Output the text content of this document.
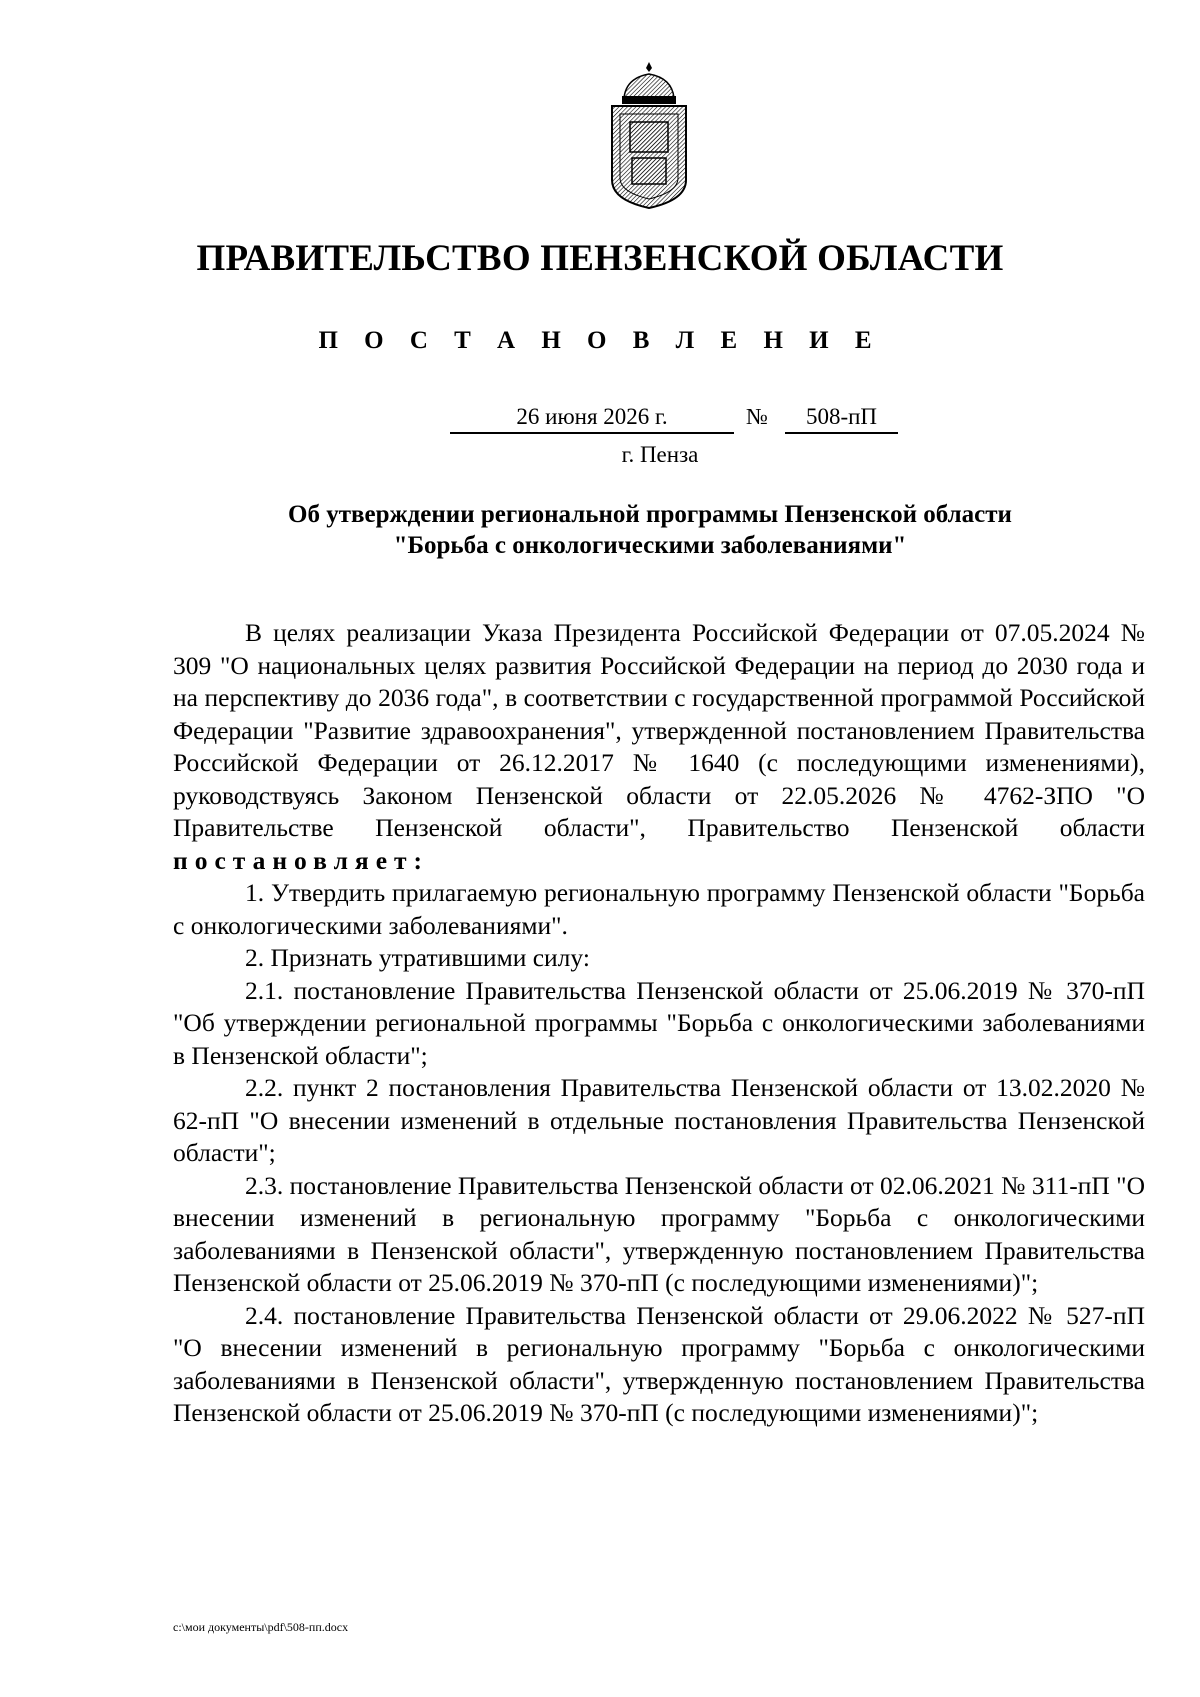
ПРАВИТЕЛЬСТВО ПЕНЗЕНСКОЙ ОБЛАСТИ
П О С Т А Н О В Л Е Н И Е
26 июня 2026 г.	№	508-пП
г. Пенза
Об утверждении региональной программы Пензенской области
"Борьба с онкологическими заболеваниями"

В целях реализации Указа Президента Российской Федерации от 07.05.2024 № 309 "О национальных целях развития Российской Федерации на период до 2030 года и на перспективу до 2036 года", в соответствии с государственной программой Российской Федерации "Развитие здравоохранения", утвержденной постановлением Правительства Российской Федерации от 26.12.2017 № 1640 (с последующими изменениями), руководствуясь Законом Пензенской области от 22.05.2026 № 4762-ЗПО "О Правительстве Пензенской области", Правительство Пензенской области постановляет:

1. Утвердить прилагаемую региональную программу Пензенской области "Борьба с онкологическими заболеваниями".

2. Признать утратившими силу:

2.1. постановление Правительства Пензенской области от 25.06.2019 № 370-пП "Об утверждении региональной программы "Борьба с онкологическими заболеваниями в Пензенской области";

2.2. пункт 2 постановления Правительства Пензенской области от 13.02.2020 № 62-пП "О внесении изменений в отдельные постановления Правительства Пензенской области";

2.3. постановление Правительства Пензенской области от 02.06.2021 № 311-пП "О внесении изменений в региональную программу "Борьба с онкологическими заболеваниями в Пензенской области", утвержденную постановлением Правительства Пензенской области от 25.06.2019 № 370-пП (с последующими изменениями)";

2.4. постановление Правительства Пензенской области от 29.06.2022 № 527-пП "О внесении изменений в региональную программу "Борьба с онкологическими заболеваниями в Пензенской области", утвержденную постановлением Правительства Пензенской области от 25.06.2019 № 370-пП (с последующими изменениями)";

c:\мои документы\pdf\508-пп.docx
